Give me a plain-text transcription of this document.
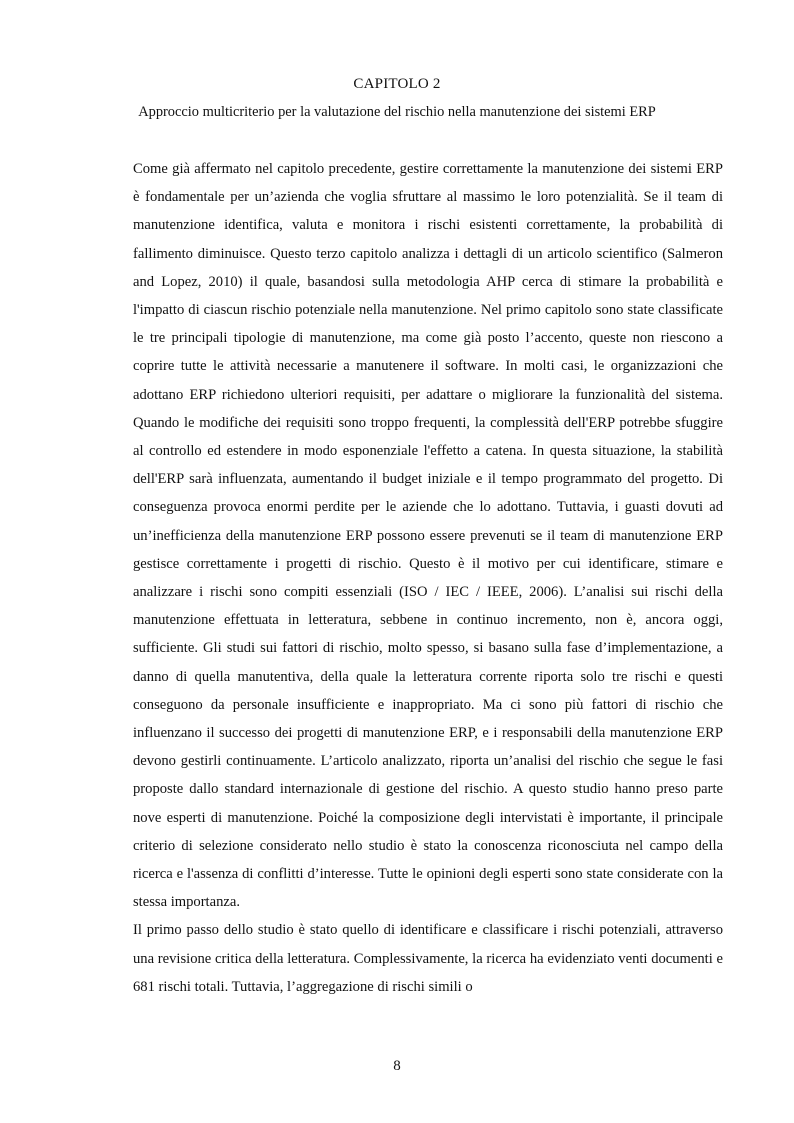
CAPITOLO 2
Approccio multicriterio per la valutazione del rischio nella manutenzione dei sistemi ERP

Come già affermato nel capitolo precedente, gestire correttamente la manutenzione dei sistemi ERP è fondamentale per un’azienda che voglia sfruttare al massimo le loro potenzialità. Se il team di manutenzione identifica, valuta e monitora i rischi esistenti correttamente, la probabilità di fallimento diminuisce. Questo terzo capitolo analizza i dettagli di un articolo scientifico (Salmeron and Lopez, 2010) il quale, basandosi sulla metodologia AHP cerca di stimare la probabilità e l'impatto di ciascun rischio potenziale nella manutenzione. Nel primo capitolo sono state classificate le tre principali tipologie di manutenzione, ma come già posto l’accento, queste non riescono a coprire tutte le attività necessarie a manutenere il software. In molti casi, le organizzazioni che adottano ERP richiedono ulteriori requisiti, per adattare o migliorare la funzionalità del sistema. Quando le modifiche dei requisiti sono troppo frequenti, la complessità dell'ERP potrebbe sfuggire al controllo ed estendere in modo esponenziale l'effetto a catena. In questa situazione, la stabilità dell'ERP sarà influenzata, aumentando il budget iniziale e il tempo programmato del progetto. Di conseguenza provoca enormi perdite per le aziende che lo adottano. Tuttavia, i guasti dovuti ad un’inefficienza della manutenzione ERP possono essere prevenuti se il team di manutenzione ERP gestisce correttamente i progetti di rischio. Questo è il motivo per cui identificare, stimare e analizzare i rischi sono compiti essenziali (ISO / IEC / IEEE, 2006). L’analisi sui rischi della manutenzione effettuata in letteratura, sebbene in continuo incremento, non è, ancora oggi, sufficiente. Gli studi sui fattori di rischio, molto spesso, si basano sulla fase d’implementazione, a danno di quella manutentiva, della quale la letteratura corrente riporta solo tre rischi e questi conseguono da personale insufficiente e inappropriato. Ma ci sono più fattori di rischio che influenzano il successo dei progetti di manutenzione ERP, e i responsabili della manutenzione ERP devono gestirli continuamente. L’articolo analizzato, riporta un’analisi del rischio che segue le fasi proposte dallo standard internazionale di gestione del rischio. A questo studio hanno preso parte nove esperti di manutenzione. Poiché la composizione degli intervistati è importante, il principale criterio di selezione considerato nello studio è stato la conoscenza riconosciuta nel campo della ricerca e l'assenza di conflitti d’interesse. Tutte le opinioni degli esperti sono state considerate con la stessa importanza.

Il primo passo dello studio è stato quello di identificare e classificare i rischi potenziali, attraverso una revisione critica della letteratura. Complessivamente, la ricerca ha evidenziato venti documenti e 681 rischi totali. Tuttavia, l’aggregazione di rischi simili o

8
